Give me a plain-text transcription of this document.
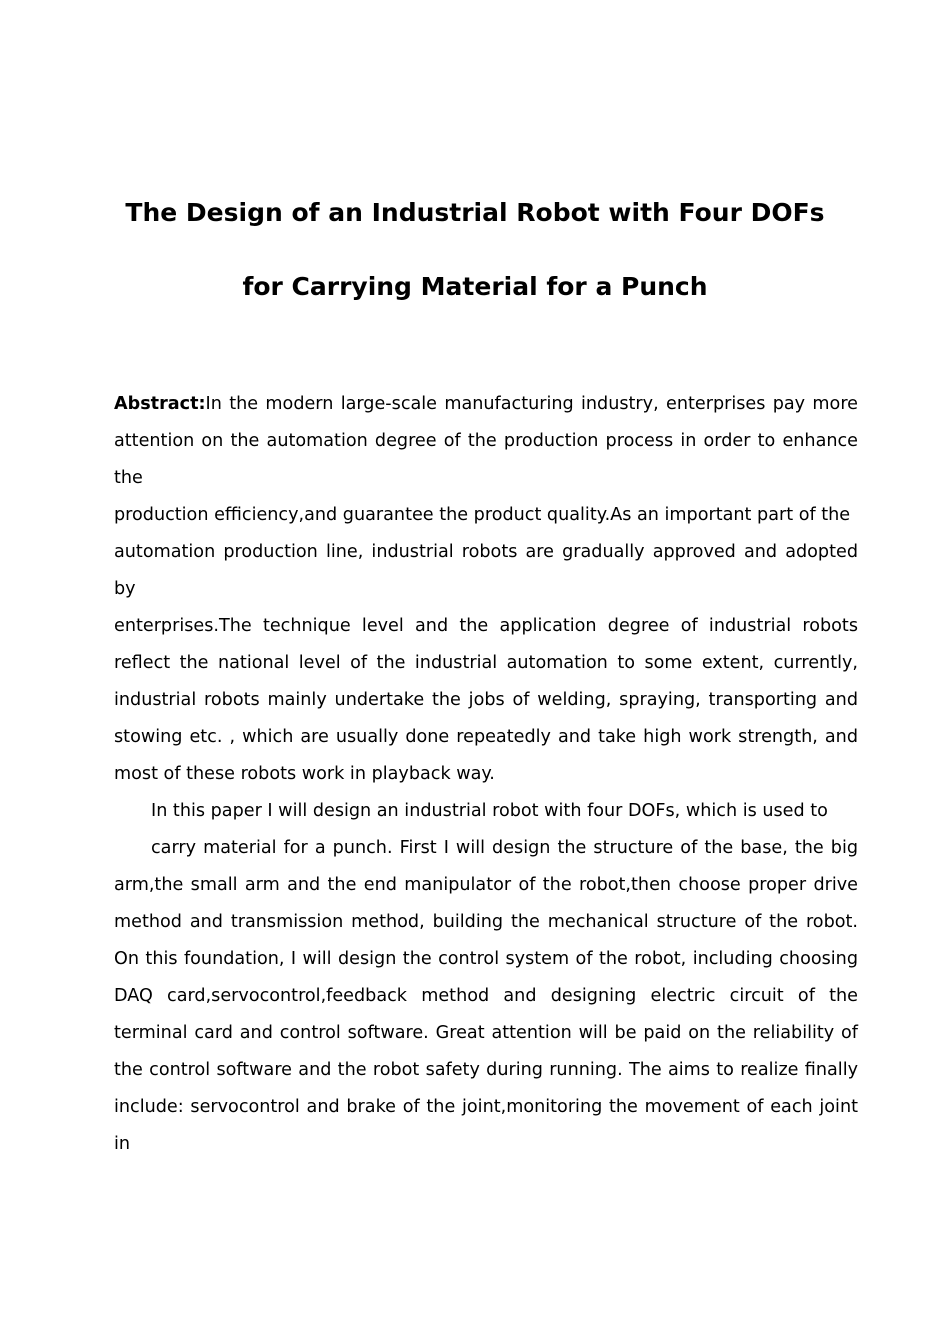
The Design of an Industrial Robot with Four DOFs
for Carrying Material for a Punch

Abstract:In the modern large-scale manufacturing industry, enterprises pay more attention on the automation degree of the production process in order to enhance the

production efficiency,and guarantee the product quality.As an important part of the

automation production line, industrial robots are gradually approved and adopted by

enterprises.The technique level and the application degree of industrial robots reflect the national level of the industrial automation to some extent, currently, industrial robots mainly undertake the jobs of welding, spraying, transporting and stowing etc. , which are usually done repeatedly and take high work strength, and most of these robots work in playback way.

In this paper I will design an industrial robot with four DOFs, which is used to

carry material for a punch. First I will design the structure of the base, the big arm,the small arm and the end manipulator of the robot,then choose proper drive method and transmission method, building the mechanical structure of the robot. On this foundation, I will design the control system of the robot, including choosing DAQ card,servocontrol,feedback method and designing electric circuit of the terminal card and control software. Great attention will be paid on the reliability of the control software and the robot safety during running. The aims to realize finally include: servocontrol and brake of the joint,monitoring the movement of each joint in
